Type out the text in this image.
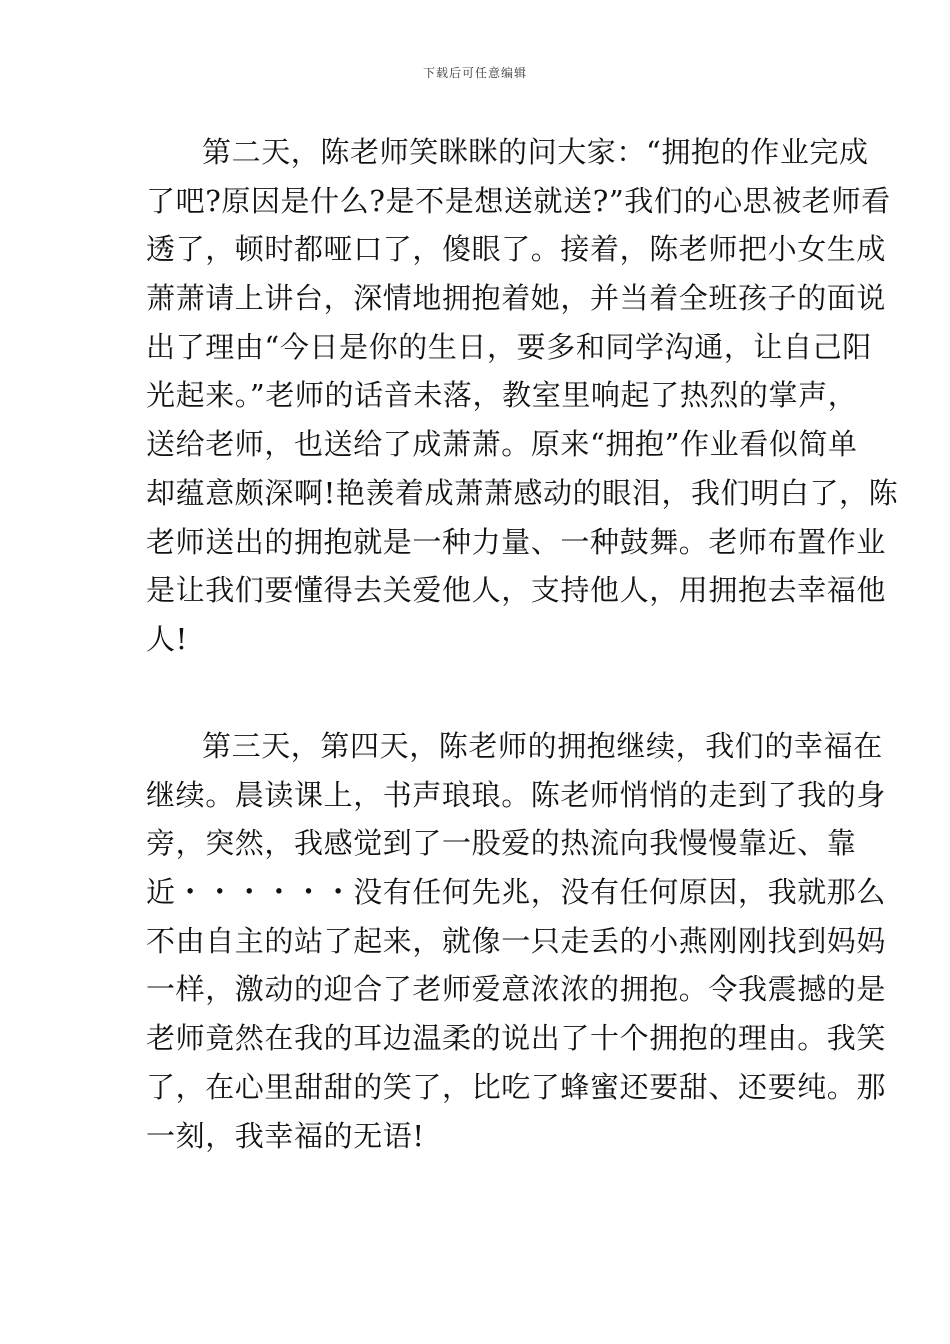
下载后可任意编辑
第二天，陈老师笑眯眯的问大家：“拥抱的作业完成
了吧?原因是什么?是不是想送就送?”我们的心思被老师看
透了，顿时都哑口了，傻眼了。接着，陈老师把小女生成
萧萧请上讲台，深情地拥抱着她，并当着全班孩子的面说
出了理由“今日是你的生日，要多和同学沟通，让自己阳
光起来。”老师的话音未落，教室里响起了热烈的掌声，
送给老师，也送给了成萧萧。原来“拥抱”作业看似简单
却蕴意颇深啊!艳羡着成萧萧感动的眼泪，我们明白了，陈
老师送出的拥抱就是一种力量、一种鼓舞。老师布置作业
是让我们要懂得去关爱他人，支持他人，用拥抱去幸福他
人!
第三天，第四天，陈老师的拥抱继续，我们的幸福在
继续。晨读课上，书声琅琅。陈老师悄悄的走到了我的身
旁，突然，我感觉到了一股爱的热流向我慢慢靠近、靠
近・・・・・・没有任何先兆，没有任何原因，我就那么
不由自主的站了起来，就像一只走丢的小燕刚刚找到妈妈
一样，激动的迎合了老师爱意浓浓的拥抱。令我震撼的是
老师竟然在我的耳边温柔的说出了十个拥抱的理由。我笑
了，在心里甜甜的笑了，比吃了蜂蜜还要甜、还要纯。那
一刻，我幸福的无语!
